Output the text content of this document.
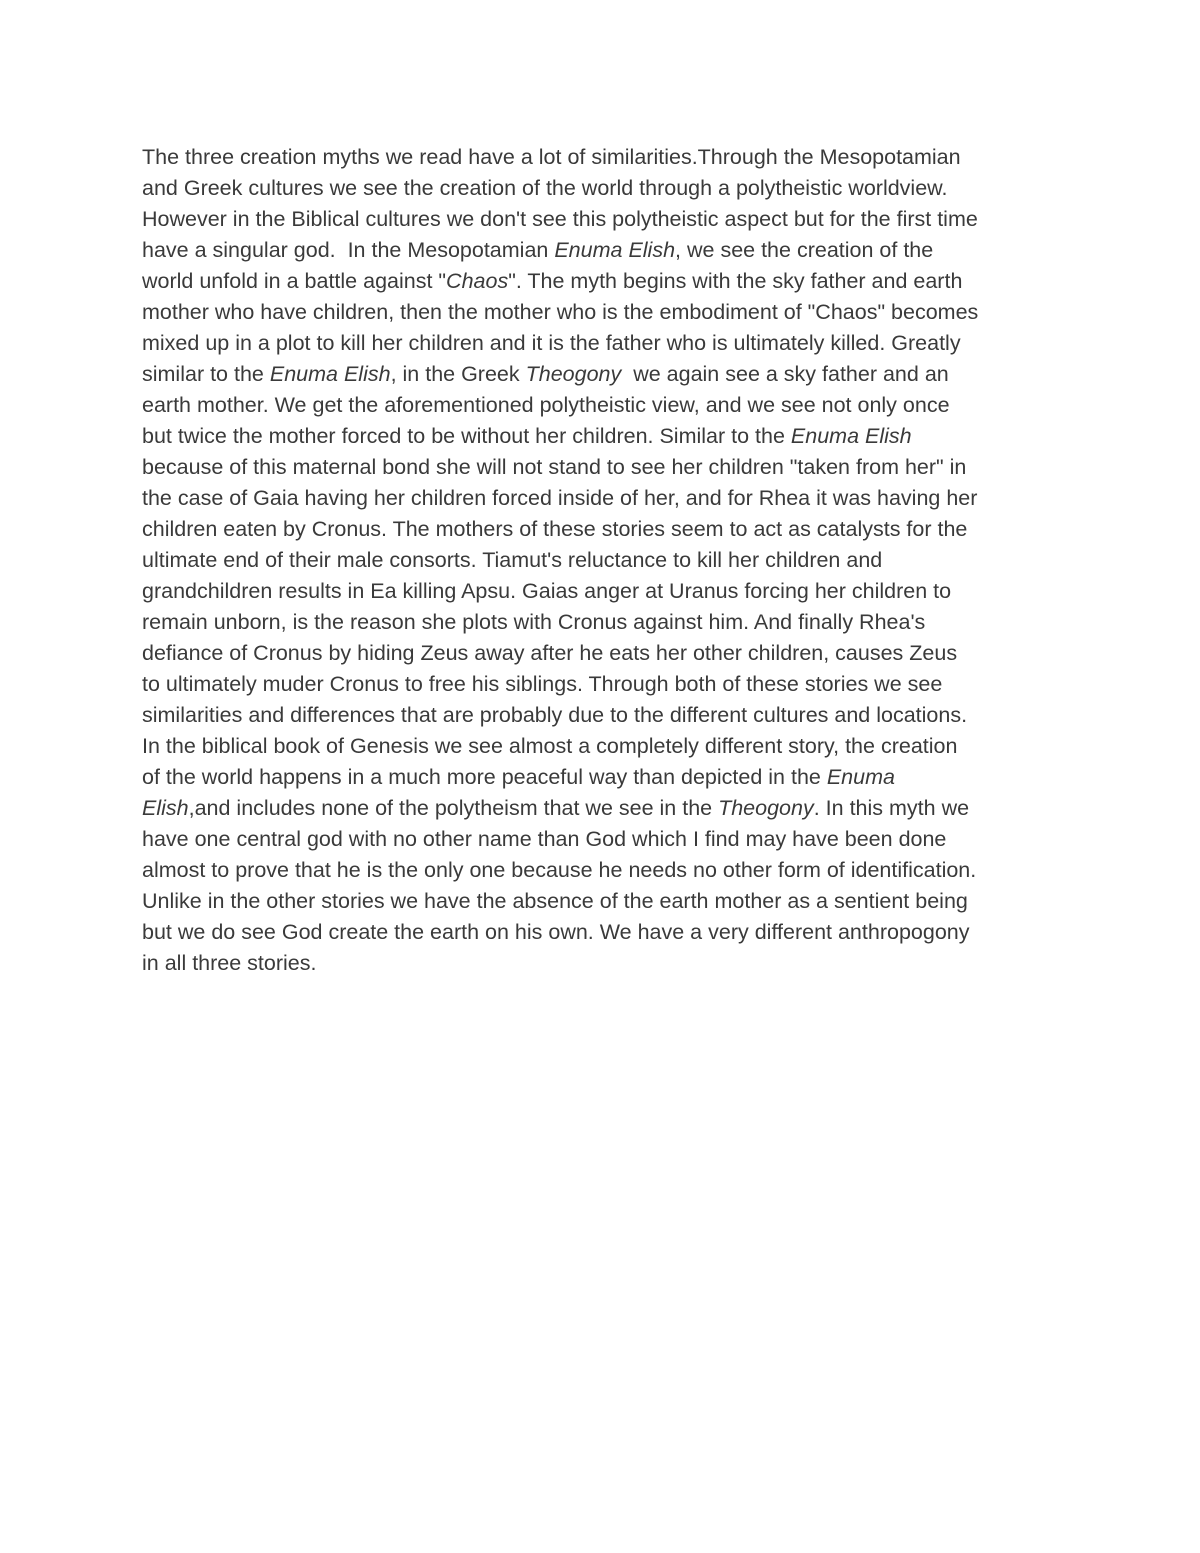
The three creation myths we read have a lot of similarities.Through the Mesopotamian
and Greek cultures we see the creation of the world through a polytheistic worldview.
However in the Biblical cultures we don't see this polytheistic aspect but for the first time
have a singular god.  In the Mesopotamian Enuma Elish, we see the creation of the
world unfold in a battle against "Chaos". The myth begins with the sky father and earth
mother who have children, then the mother who is the embodiment of "Chaos" becomes
mixed up in a plot to kill her children and it is the father who is ultimately killed. Greatly
similar to the Enuma Elish, in the Greek Theogony  we again see a sky father and an
earth mother. We get the aforementioned polytheistic view, and we see not only once
but twice the mother forced to be without her children. Similar to the Enuma Elish
because of this maternal bond she will not stand to see her children "taken from her" in
the case of Gaia having her children forced inside of her, and for Rhea it was having her
children eaten by Cronus. The mothers of these stories seem to act as catalysts for the
ultimate end of their male consorts. Tiamut's reluctance to kill her children and
grandchildren results in Ea killing Apsu. Gaias anger at Uranus forcing her children to
remain unborn, is the reason she plots with Cronus against him. And finally Rhea's
defiance of Cronus by hiding Zeus away after he eats her other children, causes Zeus
to ultimately muder Cronus to free his siblings. Through both of these stories we see
similarities and differences that are probably due to the different cultures and locations.
In the biblical book of Genesis we see almost a completely different story, the creation
of the world happens in a much more peaceful way than depicted in the Enuma
Elish,and includes none of the polytheism that we see in the Theogony. In this myth we
have one central god with no other name than God which I find may have been done
almost to prove that he is the only one because he needs no other form of identification.
Unlike in the other stories we have the absence of the earth mother as a sentient being
but we do see God create the earth on his own. We have a very different anthropogony
in all three stories.
